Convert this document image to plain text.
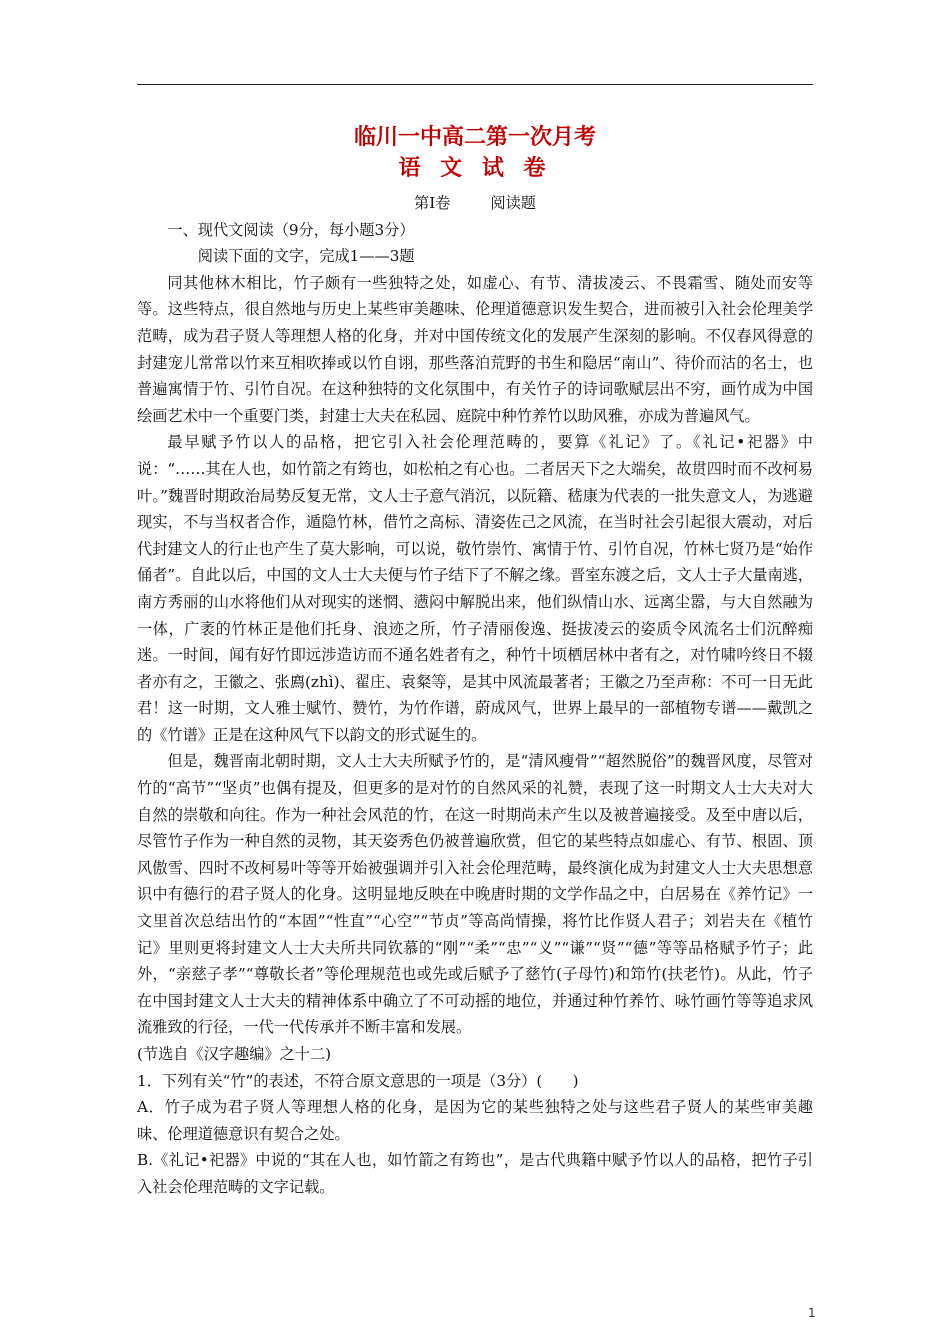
临川一中高二第一次月考
语 文 试 卷

第Ⅰ卷	阅读题

一、现代文阅读（9分，每小题3分）

阅读下面的文字，完成1——3题

同其他林木相比，竹子颇有一些独特之处，如虚心、有节、清拔凌云、不畏霜雪、随处而安等等。这些特点，很自然地与历史上某些审美趣味、伦理道德意识发生契合，进而被引入社会伦理美学范畴，成为君子贤人等理想人格的化身，并对中国传统文化的发展产生深刻的影响。不仅春风得意的封建宠儿常常以竹来互相吹捧或以竹自诩，那些落泊荒野的书生和隐居“南山”、待价而沽的名士，也普遍寓情于竹、引竹自况。在这种独特的文化氛围中，有关竹子的诗词歌赋层出不穷，画竹成为中国绘画艺术中一个重要门类，封建士大夫在私园、庭院中种竹养竹以助风雅，亦成为普遍风气。

最早赋予竹以人的品格，把它引入社会伦理范畴的，要算《礼记》了。《礼记•祀器》中说：“……其在人也，如竹箭之有筠也，如松柏之有心也。二者居天下之大端矣，故贯四时而不改柯易叶。”魏晋时期政治局势反复无常，文人士子意气消沉，以阮籍、嵇康为代表的一批失意文人，为逃避现实，不与当权者合作，遁隐竹林，借竹之高标、清姿佐己之风流，在当时社会引起很大震动，对后代封建文人的行止也产生了莫大影响，可以说，敬竹崇竹、寓情于竹、引竹自况，竹林七贤乃是“始作俑者”。自此以后，中国的文人士大夫便与竹子结下了不解之缘。晋室东渡之后，文人士子大量南逃，南方秀丽的山水将他们从对现实的迷惘、懑闷中解脱出来，他们纵情山水、远离尘嚣，与大自然融为一体，广袤的竹林正是他们托身、浪迹之所，竹子清丽俊逸、挺拔凌云的姿质令风流名士们沉醉痴迷。一时间，闻有好竹即远涉造访而不通名姓者有之，种竹十顷栖居林中者有之，对竹啸吟终日不辍者亦有之，王徽之、张廌(zhì)、翟庄、袁粲等，是其中风流最著者；王徽之乃至声称：不可一日无此君！这一时期，文人雅士赋竹、赞竹，为竹作谱，蔚成风气，世界上最早的一部植物专谱——戴凯之的《竹谱》正是在这种风气下以韵文的形式诞生的。

但是，魏晋南北朝时期，文人士大夫所赋予竹的，是“清风瘦骨”“超然脱俗”的魏晋风度，尽管对竹的“高节”“坚贞”也偶有提及，但更多的是对竹的自然风采的礼赞，表现了这一时期文人士大夫对大自然的崇敬和向往。作为一种社会风范的竹，在这一时期尚未产生以及被普遍接受。及至中唐以后，尽管竹子作为一种自然的灵物，其天姿秀色仍被普遍欣赏，但它的某些特点如虚心、有节、根固、顶风傲雪、四时不改柯易叶等等开始被强调并引入社会伦理范畴，最终演化成为封建文人士大夫思想意识中有德行的君子贤人的化身。这明显地反映在中晚唐时期的文学作品之中，白居易在《养竹记》一文里首次总结出竹的“本固”“性直”“心空”“节贞”等高尚情操，将竹比作贤人君子；刘岩夫在《植竹记》里则更将封建文人士大夫所共同钦慕的“刚”“柔”“忠”“义”“谦”“贤”“德”等等品格赋予竹子；此外，“亲慈子孝”“尊敬长者”等伦理规范也或先或后赋予了慈竹(子母竹)和笻竹(扶老竹)。从此，竹子在中国封建文人士大夫的精神体系中确立了不可动摇的地位，并通过种竹养竹、咏竹画竹等等追求风流雅致的行径，一代一代传承并不断丰富和发展。

(节选自《汉字趣编》之十二)

1．下列有关“竹”的表述，不符合原文意思的一项是（3分）(　　)

A．竹子成为君子贤人等理想人格的化身，是因为它的某些独特之处与这些君子贤人的某些审美趣味、伦理道德意识有契合之处。

B.《礼记•祀器》中说的“其在人也，如竹箭之有筠也”，是古代典籍中赋予竹以人的品格，把竹子引入社会伦理范畴的文字记载。

1
